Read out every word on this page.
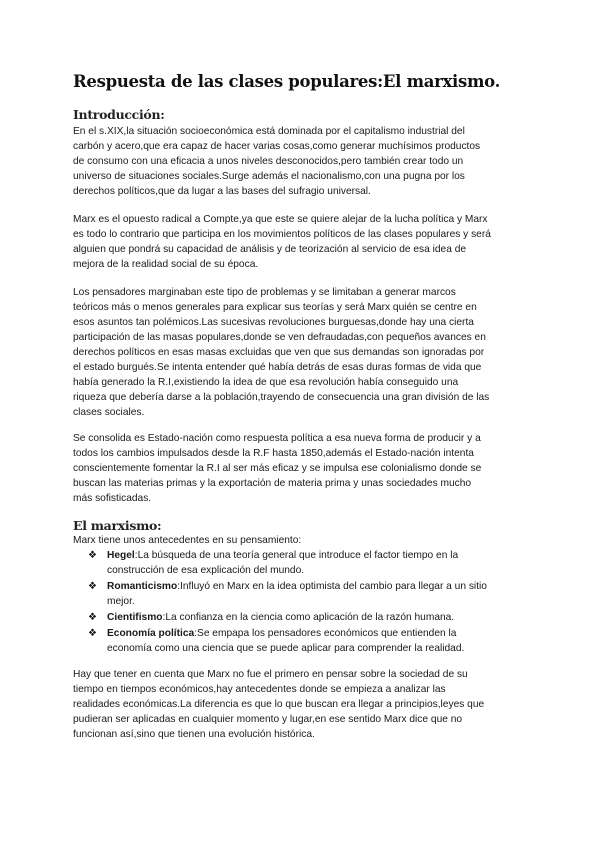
Respuesta de las clases populares:El marxismo.
Introducción:

En el s.XIX,la situación socioeconómica está dominada por el capitalismo industrial del
carbón y acero,que era capaz de hacer varias cosas,como generar muchísimos productos
de consumo con una eficacia a unos niveles desconocidos,pero también crear todo un
universo de situaciones sociales.Surge además el nacionalismo,con una pugna por los
derechos políticos,que da lugar a las bases del sufragio universal.

Marx es el opuesto radical a Compte,ya que este se quiere alejar de la lucha política y Marx
es todo lo contrario que participa en los movimientos políticos de las clases populares y será
alguien que pondrá su capacidad de análisis y de teorización al servicio de esa idea de
mejora de la realidad social de su época.

Los pensadores marginaban este tipo de problemas y se limitaban a generar marcos
teóricos más o menos generales para explicar sus teorías y será Marx quién se centre en
esos asuntos tan polémicos.Las sucesivas revoluciones burguesas,donde hay una cierta
participación de las masas populares,donde se ven defraudadas,con pequeños avances en
derechos políticos en esas masas excluidas que ven que sus demandas son ignoradas por
el estado burgués.Se intenta entender qué había detrás de esas duras formas de vida que
había generado la R.I,existiendo la idea de que esa revolución había conseguido una
riqueza que debería darse a la población,trayendo de consecuencia una gran división de las
clases sociales.

Se consolida es Estado-nación como respuesta política a esa nueva forma de producir y a
todos los cambios impulsados desde la R.F hasta 1850,además el Estado-nación intenta
conscientemente fomentar la R.I al ser más eficaz y se impulsa ese colonialismo donde se
buscan las materias primas y la exportación de materia prima y unas sociedades mucho
más sofisticadas.

El marxismo:

Marx tiene unos antecedentes en su pensamiento:

❖ Hegel:La búsqueda de una teoría general que introduce el factor tiempo en la
construcción de esa explicación del mundo.
❖ Romanticismo:Influyó en Marx en la idea optimista del cambio para llegar a un sitio
mejor.
❖ Cientifismo:La confianza en la ciencia como aplicación de la razón humana.
❖ Economía política:Se empapa los pensadores económicos que entienden la
economía como una ciencia que se puede aplicar para comprender la realidad.

Hay que tener en cuenta que Marx no fue el primero en pensar sobre la sociedad de su
tiempo en tiempos económicos,hay antecedentes donde se empieza a analizar las
realidades económicas.La diferencia es que lo que buscan era llegar a principios,leyes que
pudieran ser aplicadas en cualquier momento y lugar,en ese sentido Marx dice que no
funcionan así,sino que tienen una evolución histórica.
